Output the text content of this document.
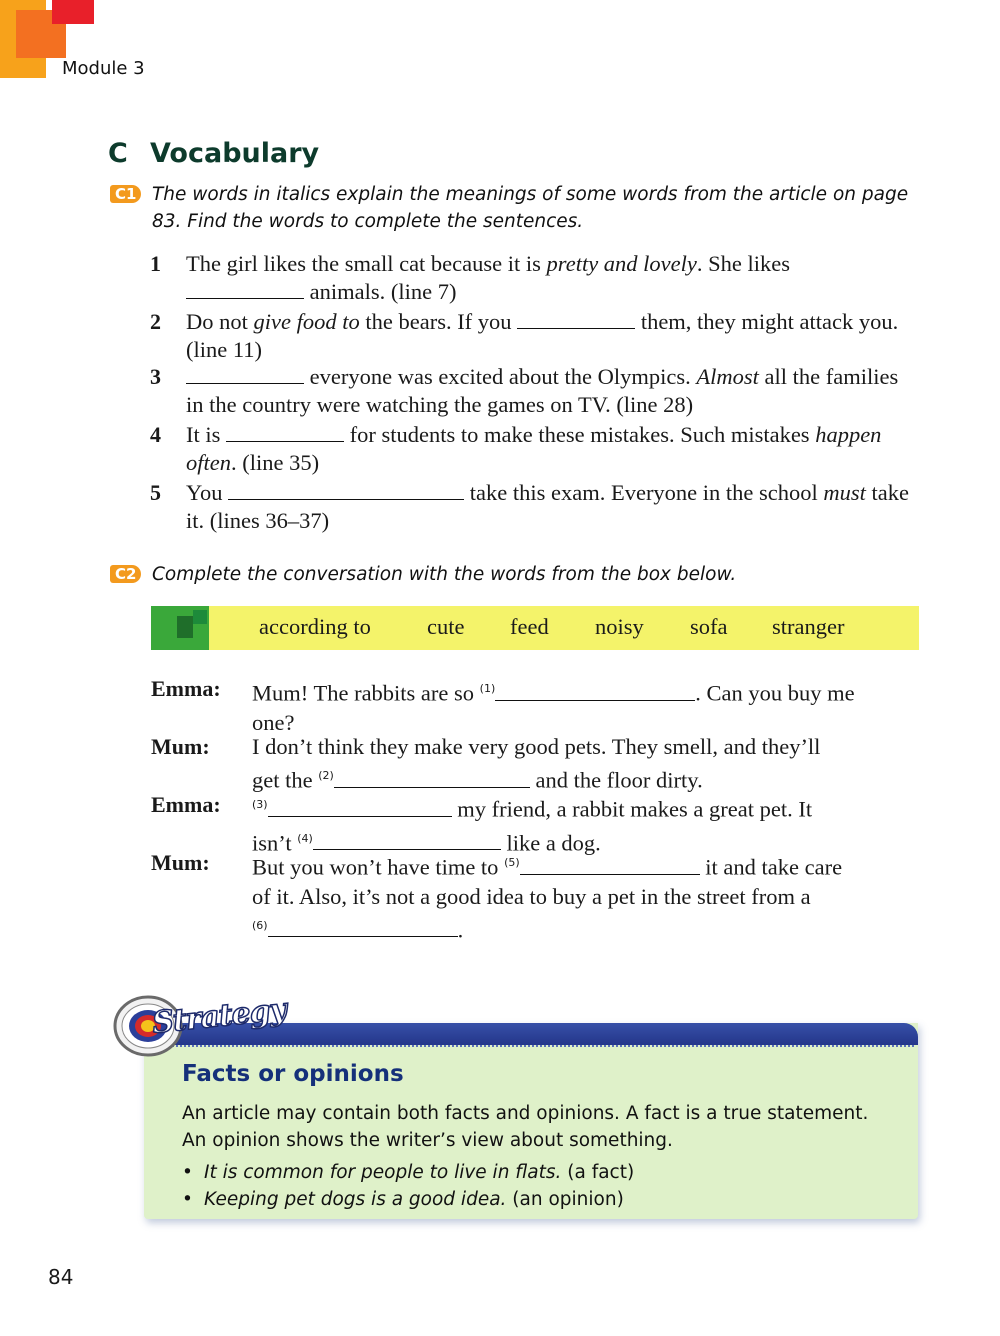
Module 3
C Vocabulary
C1 The words in italics explain the meanings of some words from the article on page
83. Find the words to complete the sentences.
1 The girl likes the small cat because it is pretty and lovely. She likes
animals. (line 7)
2 Do not give food to the bears. If you	them, they might attack you. (line 11)
3	everyone was excited about the Olympics. Almost all the families in the country were watching the games on TV. (line 28)
4 It is	for students to make these mistakes. Such mistakes happen often. (line 35)
5 You	take this exam. Everyone in the school must take it. (lines 36–37)
C2 Complete the conversation with the words from the box below.
according to cute feed noisy sofa stranger
Emma: Mum! The rabbits are so $^{(1)}$	. Can you buy me
one?
Mum: I don’t think they make very good pets. They smell, and they’ll
get the $^{(2)}$	and the floor dirty.
Emma:	$^{(3)}$	my friend, a rabbit makes a great pet. It
isn’t $^{(4)}$	like a dog.
Mum: But you won’t have time to $^{(5)}$	it and take care
of it. Also, it’s not a good idea to buy a pet in the street from a
$^{(6)}$	.
Strategy
Facts or opinions
An article may contain both facts and opinions. A fact is a true statement.
An opinion shows the writer’s view about something.
• It is common for people to live in flats. (a fact)
• Keeping pet dogs is a good idea. (an opinion)
84
